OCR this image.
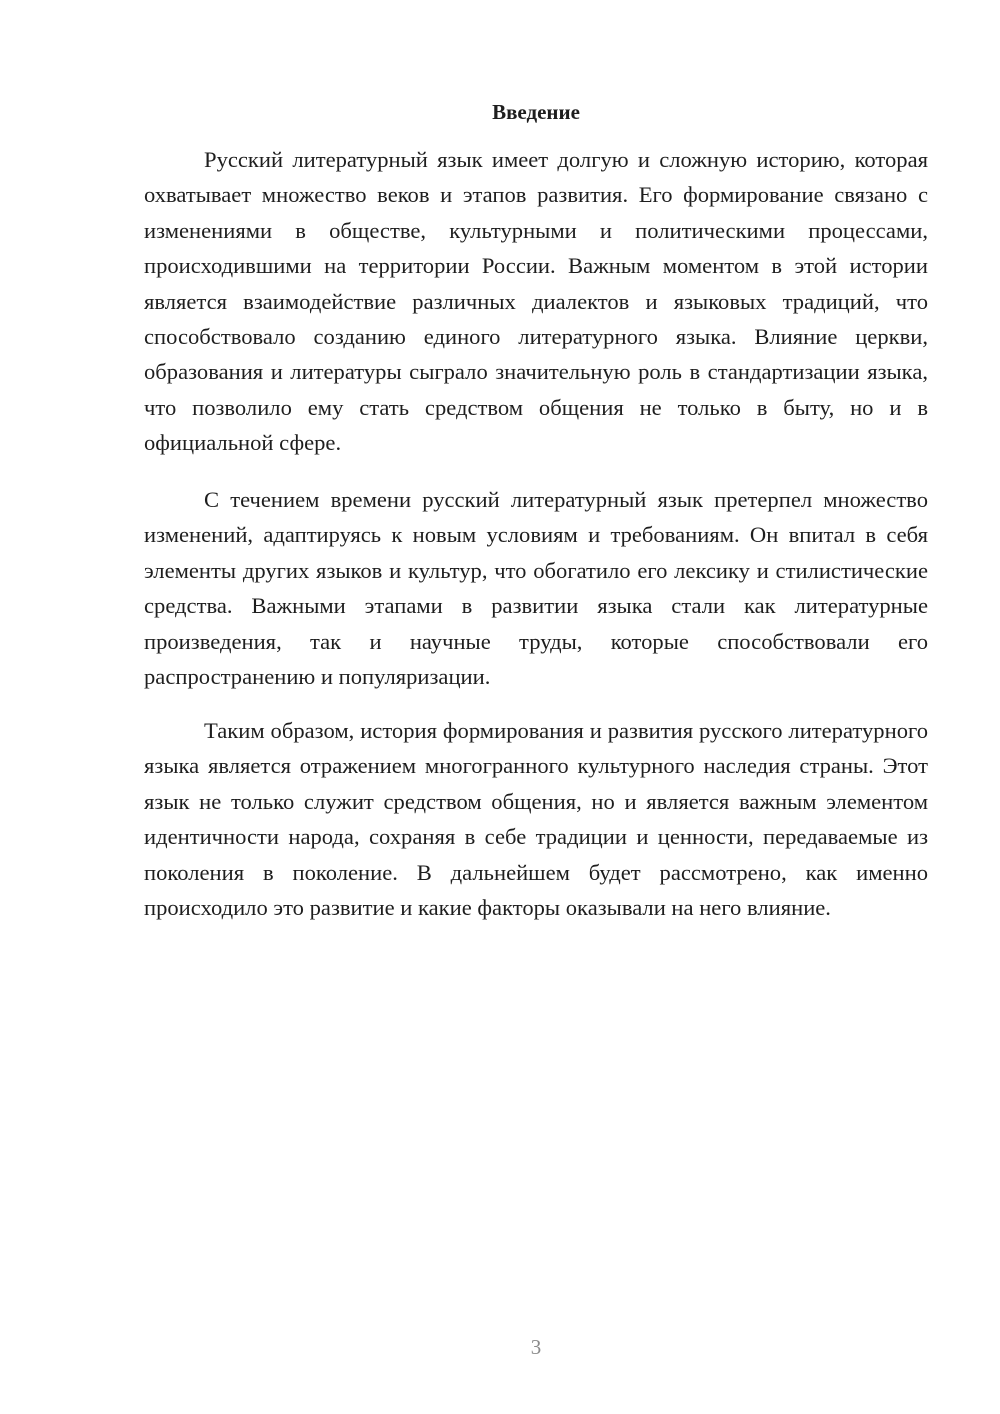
Введение

Русский литературный язык имеет долгую и сложную историю, которая охватывает множество веков и этапов развития. Его формирование связано с изменениями в обществе, культурными и политическими процессами, происходившими на территории России. Важным моментом в этой истории является взаимодействие различных диалектов и языковых традиций, что способствовало созданию единого литературного языка. Влияние церкви, образования и литературы сыграло значительную роль в стандартизации языка, что позволило ему стать средством общения не только в быту, но и в официальной сфере.

С течением времени русский литературный язык претерпел множество изменений, адаптируясь к новым условиям и требованиям. Он впитал в себя элементы других языков и культур, что обогатило его лексику и стилистические средства. Важными этапами в развитии языка стали как литературные произведения, так и научные труды, которые способствовали его распространению и популяризации.

Таким образом, история формирования и развития русского литературного языка является отражением многогранного культурного наследия страны. Этот язык не только служит средством общения, но и является важным элементом идентичности народа, сохраняя в себе традиции и ценности, передаваемые из поколения в поколение. В дальнейшем будет рассмотрено, как именно происходило это развитие и какие факторы оказывали на него влияние.

3
